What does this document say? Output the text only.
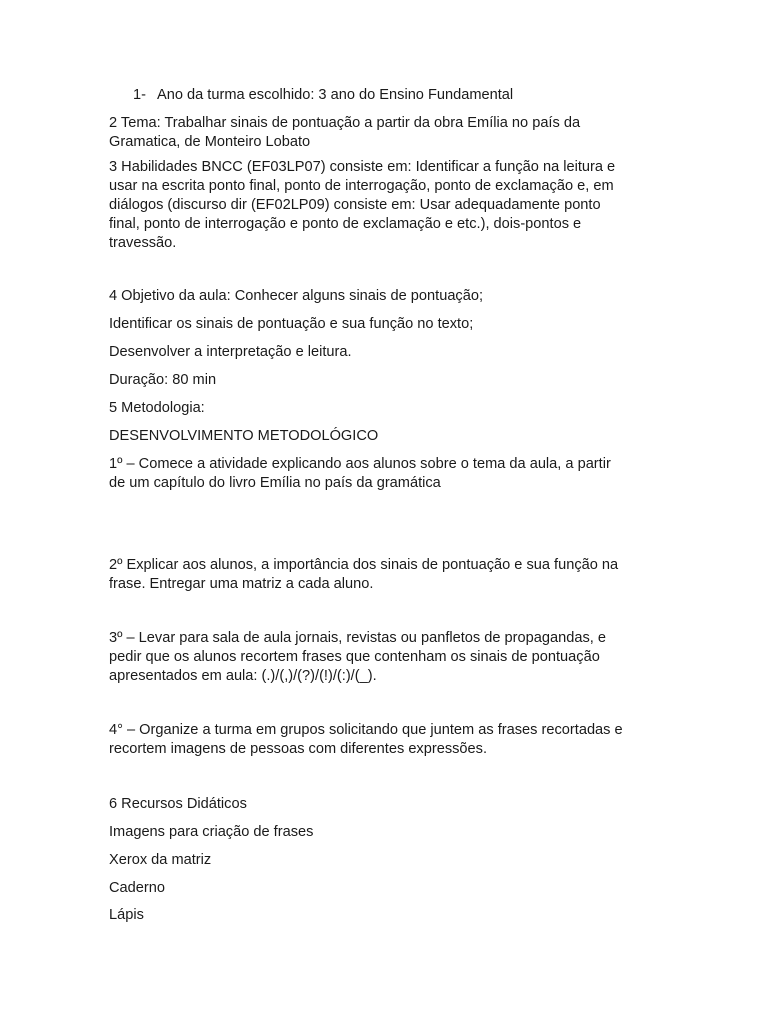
1- Ano da turma escolhido: 3 ano do Ensino Fundamental
2 Tema: Trabalhar sinais de pontuação a partir da obra Emília no país da
Gramatica, de Monteiro Lobato
3 Habilidades BNCC (EF03LP07) consiste em: Identificar a função na leitura e
usar na escrita ponto final, ponto de interrogação, ponto de exclamação e, em
diálogos (discurso dir (EF02LP09) consiste em: Usar adequadamente ponto
final, ponto de interrogação e ponto de exclamação e etc.), dois-pontos e
travessão.
4 Objetivo da aula: Conhecer alguns sinais de pontuação;
Identificar os sinais de pontuação e sua função no texto;
Desenvolver a interpretação e leitura.
Duração: 80 min
5 Metodologia:
DESENVOLVIMENTO METODOLÓGICO
1º – Comece a atividade explicando aos alunos sobre o tema da aula, a partir
de um capítulo do livro Emília no país da gramática
2º Explicar aos alunos, a importância dos sinais de pontuação e sua função na
frase. Entregar uma matriz a cada aluno.
3º – Levar para sala de aula jornais, revistas ou panfletos de propagandas, e
pedir que os alunos recortem frases que contenham os sinais de pontuação
apresentados em aula: (.)/(,)/(?)/(!)/(:)/(_).
4° – Organize a turma em grupos solicitando que juntem as frases recortadas e
recortem imagens de pessoas com diferentes expressões.
6 Recursos Didáticos
Imagens para criação de frases
Xerox da matriz
Caderno
Lápis
